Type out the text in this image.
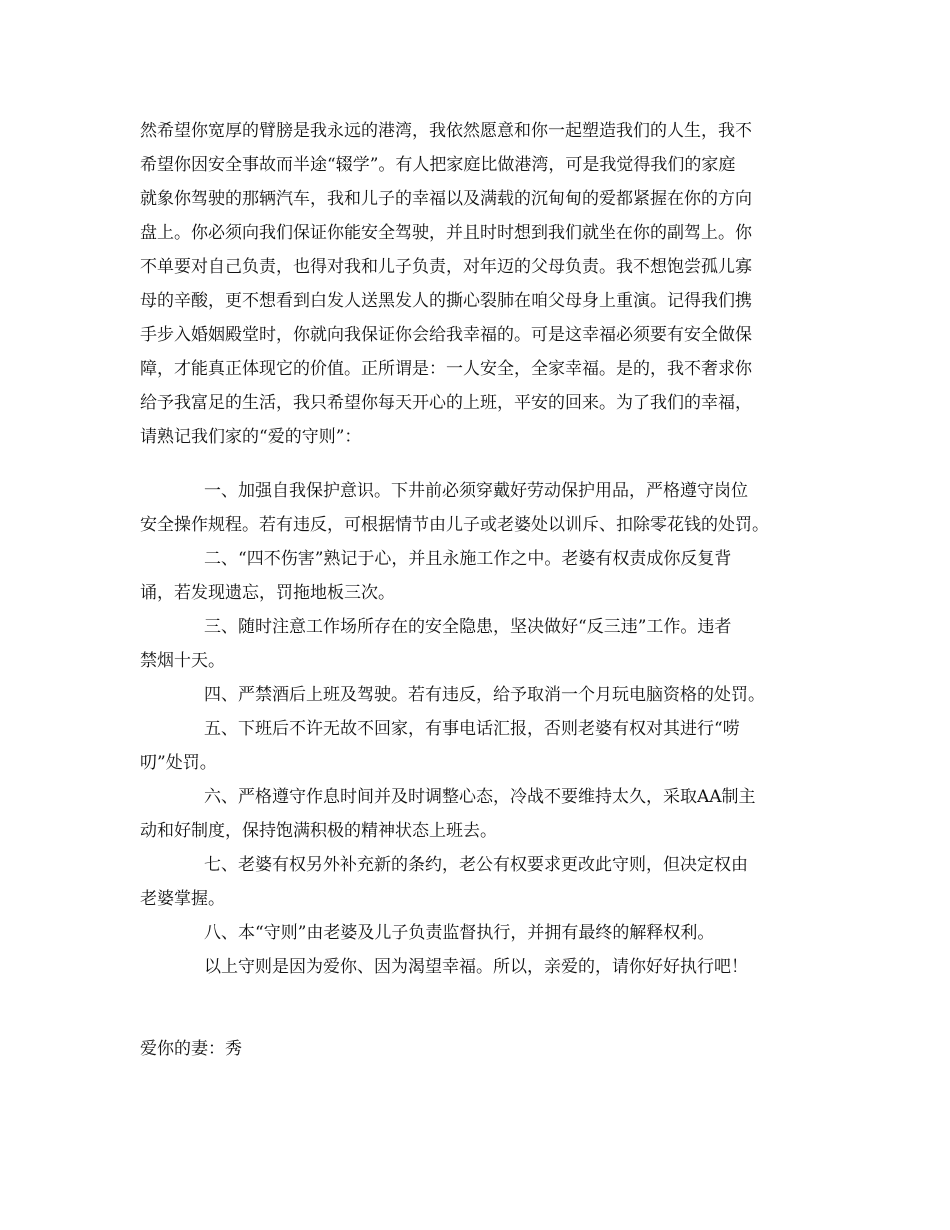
然希望你宽厚的臂膀是我永远的港湾，我依然愿意和你一起塑造我们的人生，我不
希望你因安全事故而半途“辍学”。有人把家庭比做港湾，可是我觉得我们的家庭
就象你驾驶的那辆汽车，我和儿子的幸福以及满载的沉甸甸的爱都紧握在你的方向
盘上。你必须向我们保证你能安全驾驶，并且时时想到我们就坐在你的副驾上。你
不单要对自己负责，也得对我和儿子负责，对年迈的父母负责。我不想饱尝孤儿寡
母的辛酸，更不想看到白发人送黑发人的撕心裂肺在咱父母身上重演。记得我们携
手步入婚姻殿堂时，你就向我保证你会给我幸福的。可是这幸福必须要有安全做保
障，才能真正体现它的价值。正所谓是：一人安全，全家幸福。是的，我不奢求你
给予我富足的生活，我只希望你每天开心的上班，平安的回来。为了我们的幸福，
请熟记我们家的“爱的守则”：
一、加强自我保护意识。下井前必须穿戴好劳动保护用品，严格遵守岗位
安全操作规程。若有违反，可根据情节由儿子或老婆处以训斥、扣除零花钱的处罚。
二、“四不伤害”熟记于心，并且永施工作之中。老婆有权责成你反复背
诵，若发现遗忘，罚拖地板三次。
三、随时注意工作场所存在的安全隐患，坚决做好“反三违”工作。违者
禁烟十天。
四、严禁酒后上班及驾驶。若有违反，给予取消一个月玩电脑资格的处罚。
五、下班后不许无故不回家，有事电话汇报，否则老婆有权对其进行“唠
叨”处罚。
六、严格遵守作息时间并及时调整心态，冷战不要维持太久，采取AA制主
动和好制度，保持饱满积极的精神状态上班去。
七、老婆有权另外补充新的条约，老公有权要求更改此守则，但决定权由
老婆掌握。
八、本“守则”由老婆及儿子负责监督执行，并拥有最终的解释权利。
以上守则是因为爱你、因为渴望幸福。所以，亲爱的，请你好好执行吧！
爱你的妻：秀
